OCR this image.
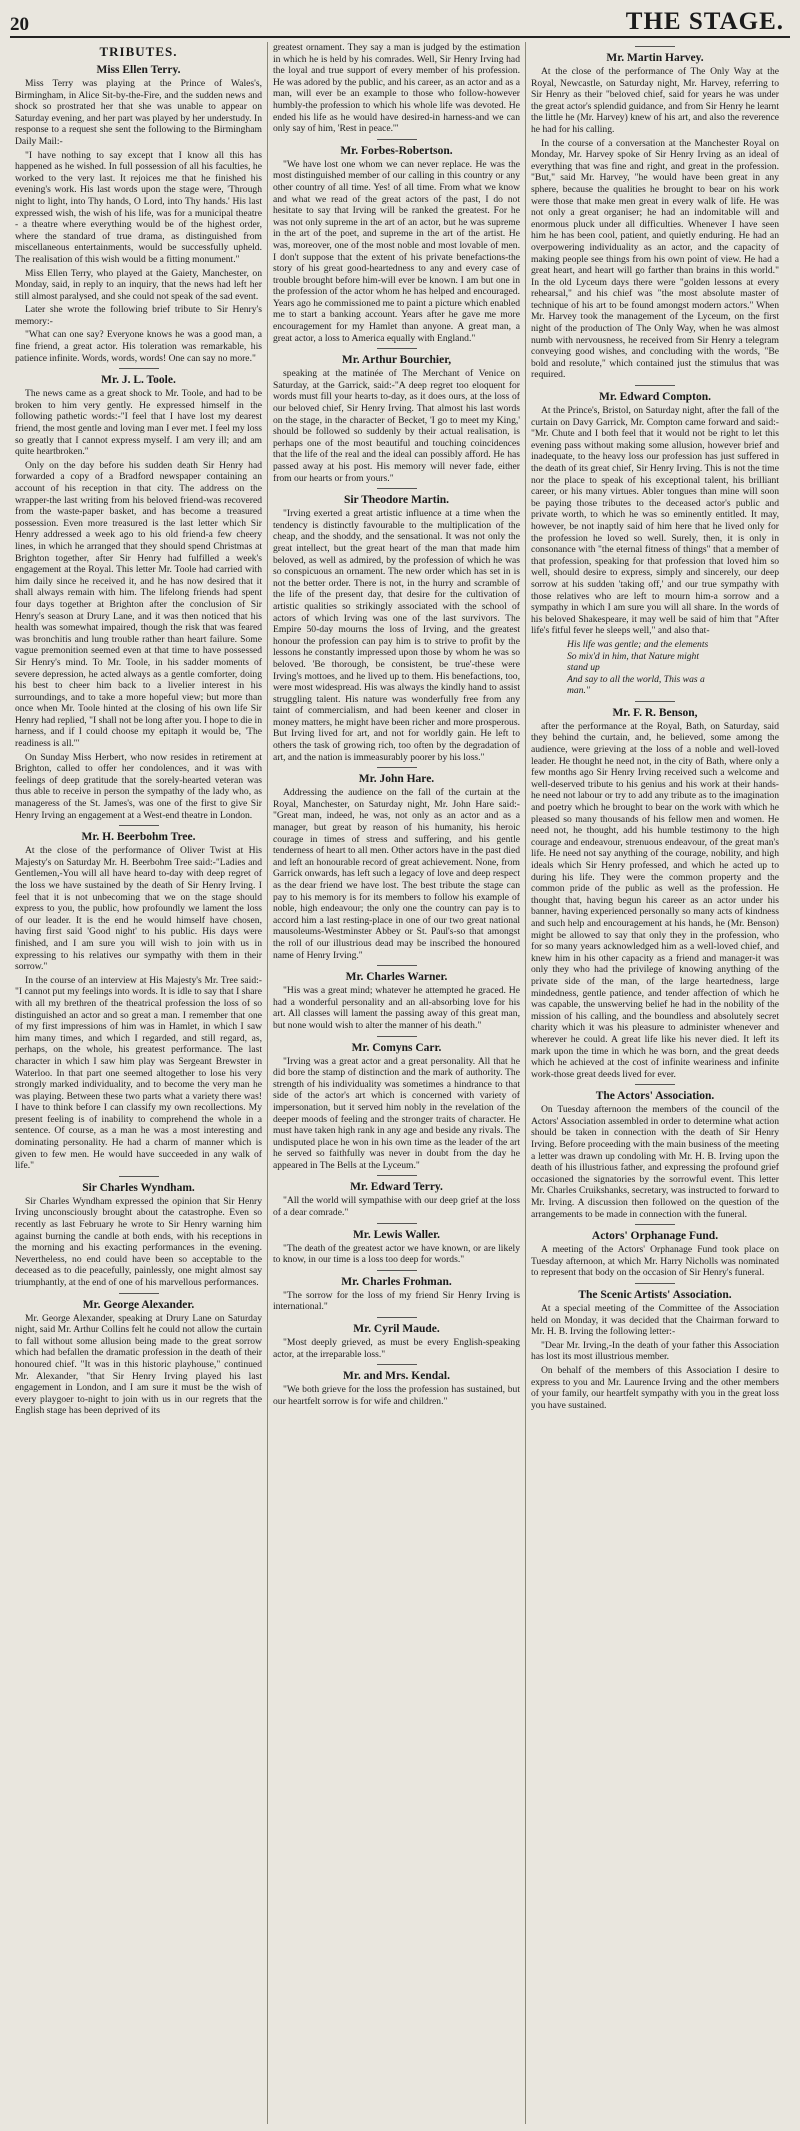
20	THE STAGE.
TRIBUTES.
Miss Ellen Terry.

Miss Terry was playing at the Prince of Wales's, Birmingham, in Alice Sit-by-the-Fire, and the sudden news and shock so prostrated her that she was unable to appear on Saturday evening, and her part was played by her understudy. In response to a request she sent the following to the Birmingham Daily Mail:-

"I have nothing to say except that I know all this has happened as he wished. In full possession of all his faculties, he worked to the very last. It rejoices me that he finished his evening's work. His last words upon the stage were, 'Through night to light, into Thy hands, O Lord, into Thy hands.' His last expressed wish, the wish of his life, was for a municipal theatre - a theatre where everything would be of the highest order, where the standard of true drama, as distinguished from miscellaneous entertainments, would be successfully upheld. The realisation of this wish would be a fitting monument."

Miss Ellen Terry, who played at the Gaiety, Manchester, on Monday, said, in reply to an inquiry, that the news had left her still almost paralysed, and she could not speak of the sad event.

Later she wrote the following brief tribute to Sir Henry's memory:-

"What can one say? Everyone knows he was a good man, a fine friend, a great actor. His toleration was remarkable, his patience infinite. Words, words, words! One can say no more."

Mr. J. L. Toole.

The news came as a great shock to Mr. Toole, and had to be broken to him very gently. He expressed himself in the following pathetic words:-"I feel that I have lost my dearest friend, the most gentle and loving man I ever met. I feel my loss so greatly that I cannot express myself. I am very ill; and am quite heartbroken."

Only on the day before his sudden death Sir Henry had forwarded a copy of a Bradford newspaper containing an account of his reception in that city. The address on the wrapper-the last writing from his beloved friend-was recovered from the waste-paper basket, and has become a treasured possession. Even more treasured is the last letter which Sir Henry addressed a week ago to his old friend-a few cheery lines, in which he arranged that they should spend Christmas at Brighton together, after Sir Henry had fulfilled a week's engagement at the Royal. This letter Mr. Toole had carried with him daily since he received it, and he has now desired that it shall always remain with him. The lifelong friends had spent four days together at Brighton after the conclusion of Sir Henry's season at Drury Lane, and it was then noticed that his health was somewhat impaired, though the risk that was feared was bronchitis and lung trouble rather than heart failure. Some vague premonition seemed even at that time to have possessed Sir Henry's mind. To Mr. Toole, in his sadder moments of severe depression, he acted always as a gentle comforter, doing his best to cheer him back to a livelier interest in his surroundings, and to take a more hopeful view; but more than once when Mr. Toole hinted at the closing of his own life Sir Henry had replied, "I shall not be long after you. I hope to die in harness, and if I could choose my epitaph it would be, 'The readiness is all.'"

On Sunday Miss Herbert, who now resides in retirement at Brighton, called to offer her condolences, and it was with feelings of deep gratitude that the sorely-hearted veteran was thus able to receive in person the sympathy of the lady who, as manageress of the St. James's, was one of the first to give Sir Henry Irving an engagement at a West-end theatre in London.

Mr. H. Beerbohm Tree.

At the close of the performance of Oliver Twist at His Majesty's on Saturday Mr. H. Beerbohm Tree said:-"Ladies and Gentlemen,-You will all have heard to-day with deep regret of the loss we have sustained by the death of Sir Henry Irving. I feel that it is not unbecoming that we on the stage should express to you, the public, how profoundly we lament the loss of our leader. It is the end he would himself have chosen, having first said 'Good night' to his public. His days were finished, and I am sure you will wish to join with us in expressing to his relatives our sympathy with them in their sorrow."

In the course of an interview at His Majesty's Mr. Tree said:-"I cannot put my feelings into words. It is idle to say that I share with all my brethren of the theatrical profession the loss of so distinguished an actor and so great a man. I remember that one of my first impressions of him was in Hamlet, in which I saw him many times, and which I regarded, and still regard, as, perhaps, on the whole, his greatest performance. The last character in which I saw him play was Sergeant Brewster in Waterloo. In that part one seemed altogether to lose his very strongly marked individuality, and to become the very man he was playing. Between these two parts what a variety there was! I have to think before I can classify my own recollections. My present feeling is of inability to comprehend the whole in a sentence. Of course, as a man he was a most interesting and dominating personality. He had a charm of manner which is given to few men. He would have succeeded in any walk of life."

Sir Charles Wyndham.

Sir Charles Wyndham expressed the opinion that Sir Henry Irving unconsciously brought about the catastrophe. Even so recently as last February he wrote to Sir Henry warning him against burning the candle at both ends, with his receptions in the morning and his exacting performances in the evening. Nevertheless, no end could have been so acceptable to the deceased as to die peacefully, painlessly, one might almost say triumphantly, at the end of one of his marvellous performances.

Mr. George Alexander.

Mr. George Alexander, speaking at Drury Lane on Saturday night, said Mr. Arthur Collins felt he could not allow the curtain to fall without some allusion being made to the great sorrow which had befallen the dramatic profession in the death of their honoured chief. "It was in this historic playhouse," continued Mr. Alexander, "that Sir Henry Irving played his last engagement in London, and I am sure it must be the wish of every playgoer to-night to join with us in our regrets that the English stage has been deprived of its

greatest ornament. They say a man is judged by the estimation in which he is held by his comrades. Well, Sir Henry Irving had the loyal and true support of every member of his profession. He was adored by the public, and his career, as an actor and as a man, will ever be an example to those who follow-however humbly-the profession to which his whole life was devoted. He ended his life as he would have desired-in harness-and we can only say of him, 'Rest in peace.'"

Mr. Forbes-Robertson.

"We have lost one whom we can never replace. He was the most distinguished member of our calling in this country or any other country of all time. Yes! of all time. From what we know and what we read of the great actors of the past, I do not hesitate to say that Irving will be ranked the greatest. For he was not only supreme in the art of an actor, but he was supreme in the art of the poet, and supreme in the art of the artist. He was, moreover, one of the most noble and most lovable of men. I don't suppose that the extent of his private benefactions-the story of his great good-heartedness to any and every case of trouble brought before him-will ever be known. I am but one in the profession of the actor whom he has helped and encouraged. Years ago he commissioned me to paint a picture which enabled me to start a banking account. Years after he gave me more encouragement for my Hamlet than anyone. A great man, a great actor, a loss to America equally with England."

Mr. Arthur Bourchier,

speaking at the matinée of The Merchant of Venice on Saturday, at the Garrick, said:-"A deep regret too eloquent for words must fill your hearts to-day, as it does ours, at the loss of our beloved chief, Sir Henry Irving. That almost his last words on the stage, in the character of Becket, 'I go to meet my King,' should be followed so suddenly by their actual realisation, is perhaps one of the most beautiful and touching coincidences that the life of the real and the ideal can possibly afford. He has passed away at his post. His memory will never fade, either from our hearts or from yours."

Sir Theodore Martin.

"Irving exerted a great artistic influence at a time when the tendency is distinctly favourable to the multiplication of the cheap, and the shoddy, and the sensational. It was not only the great intellect, but the great heart of the man that made him beloved, as well as admired, by the profession of which he was so conspicuous an ornament. The new order which has set in is not the better order. There is not, in the hurry and scramble of the life of the present day, that desire for the cultivation of artistic qualities so strikingly associated with the school of actors of which Irving was one of the last survivors. The Empire 50-day mourns the loss of Irving, and the greatest honour the profession can pay him is to strive to profit by the lessons he constantly impressed upon those by whom he was so beloved. 'Be thorough, be consistent, be true'-these were Irving's mottoes, and he lived up to them. His benefactions, too, were most widespread. His was always the kindly hand to assist struggling talent. His nature was wonderfully free from any taint of commercialism, and had been keener and closer in money matters, he might have been richer and more prosperous. But Irving lived for art, and not for worldly gain. He left to others the task of growing rich, too often by the degradation of art, and the nation is immeasurably poorer by his loss."

Mr. John Hare.

Addressing the audience on the fall of the curtain at the Royal, Manchester, on Saturday night, Mr. John Hare said:-"Great man, indeed, he was, not only as an actor and as a manager, but great by reason of his humanity, his heroic courage in times of stress and suffering, and his gentle tenderness of heart to all men. Other actors have in the past died and left an honourable record of great achievement. None, from Garrick onwards, has left such a legacy of love and deep respect as the dear friend we have lost. The best tribute the stage can pay to his memory is for its members to follow his example of noble, high endeavour; the only one the country can pay is to accord him a last resting-place in one of our two great national mausoleums-Westminster Abbey or St. Paul's-so that amongst the roll of our illustrious dead may be inscribed the honoured name of Henry Irving."

Mr. Charles Warner.

"His was a great mind; whatever he attempted he graced. He had a wonderful personality and an all-absorbing love for his art. All classes will lament the passing away of this great man, but none would wish to alter the manner of his death."

Mr. Comyns Carr.

"Irving was a great actor and a great personality. All that he did bore the stamp of distinction and the mark of authority. The strength of his individuality was sometimes a hindrance to that side of the actor's art which is concerned with variety of impersonation, but it served him nobly in the revelation of the deeper moods of feeling and the stronger traits of character. He must have taken high rank in any age and beside any rivals. The undisputed place he won in his own time as the leader of the art he served so faithfully was never in doubt from the day he appeared in The Bells at the Lyceum."

Mr. Edward Terry.

"All the world will sympathise with our deep grief at the loss of a dear comrade."

Mr. Lewis Waller.

"The death of the greatest actor we have known, or are likely to know, in our time is a loss too deep for words."

Mr. Charles Frohman.

"The sorrow for the loss of my friend Sir Henry Irving is international."

Mr. Cyril Maude.

"Most deeply grieved, as must be every English-speaking actor, at the irreparable loss."

Mr. and Mrs. Kendal.

"We both grieve for the loss the profession has sustained, but our heartfelt sorrow is for wife and children."

Mr. Martin Harvey.

At the close of the performance of The Only Way at the Royal, Newcastle, on Saturday night, Mr. Harvey, referring to Sir Henry as their "beloved chief, said for years he was under the great actor's splendid guidance, and from Sir Henry he learnt the little he (Mr. Harvey) knew of his art, and also the reverence he had for his calling.

In the course of a conversation at the Manchester Royal on Monday, Mr. Harvey spoke of Sir Henry Irving as an ideal of everything that was fine and right, and great in the profession. "But," said Mr. Harvey, "he would have been great in any sphere, because the qualities he brought to bear on his work were those that make men great in every walk of life. He was not only a great organiser; he had an indomitable will and enormous pluck under all difficulties. Whenever I have seen him he has been cool, patient, and quietly enduring. He had an overpowering individuality as an actor, and the capacity of making people see things from his own point of view. He had a great heart, and heart will go farther than brains in this world." In the old Lyceum days there were "golden lessons at every rehearsal," and his chief was "the most absolute master of technique of his art to be found amongst modern actors." When Mr. Harvey took the management of the Lyceum, on the first night of the production of The Only Way, when he was almost numb with nervousness, he received from Sir Henry a telegram conveying good wishes, and concluding with the words, "Be bold and resolute," which contained just the stimulus that was required.

Mr. Edward Compton.

At the Prince's, Bristol, on Saturday night, after the fall of the curtain on Davy Garrick, Mr. Compton came forward and said:-"Mr. Chute and I both feel that it would not be right to let this evening pass without making some allusion, however brief and inadequate, to the heavy loss our profession has just suffered in the death of its great chief, Sir Henry Irving. This is not the time nor the place to speak of his exceptional talent, his brilliant career, or his many virtues. Abler tongues than mine will soon be paying those tributes to the deceased actor's public and private worth, to which he was so eminently entitled. It may, however, be not inaptly said of him here that he lived only for the profession he loved so well. Surely, then, it is only in consonance with "the eternal fitness of things" that a member of that profession, speaking for that profession that loved him so well, should desire to express, simply and sincerely, our deep sorrow at his sudden 'taking off,' and our true sympathy with those relatives who are left to mourn him-a sorrow and a sympathy in which I am sure you will all share. In the words of his beloved Shakespeare, it may well be said of him that "After life's fitful fever he sleeps well," and also that-

His life was gentle; and the elements
So mix'd in him, that Nature might
stand up
And say to all the world, This was a
man."
Mr. F. R. Benson,

after the performance at the Royal, Bath, on Saturday, said they behind the curtain, and, he believed, some among the audience, were grieving at the loss of a noble and well-loved leader. He thought he need not, in the city of Bath, where only a few months ago Sir Henry Irving received such a welcome and well-deserved tribute to his genius and his work at their hands-he need not labour or try to add any tribute as to the imagination and poetry which he brought to bear on the work with which he pleased so many thousands of his fellow men and women. He need not, he thought, add his humble testimony to the high courage and endeavour, strenuous endeavour, of the great man's life. He need not say anything of the courage, nobility, and high ideals which Sir Henry professed, and which he acted up to during his life. They were the common property and the common pride of the public as well as the profession. He thought that, having begun his career as an actor under his banner, having experienced personally so many acts of kindness and such help and encouragement at his hands, he (Mr. Benson) might be allowed to say that only they in the profession, who for so many years acknowledged him as a well-loved chief, and knew him in his other capacity as a friend and manager-it was only they who had the privilege of knowing anything of the private side of the man, of the large heartedness, large mindedness, gentle patience, and tender affection of which he was capable, the unswerving belief he had in the nobility of the mission of his calling, and the boundless and absolutely secret charity which it was his pleasure to administer whenever and wherever he could. A great life like his never died. It left its mark upon the time in which he was born, and the great deeds which he achieved at the cost of infinite weariness and infinite work-those great deeds lived for ever.

The Actors' Association.

On Tuesday afternoon the members of the council of the Actors' Association assembled in order to determine what action should be taken in connection with the death of Sir Henry Irving. Before proceeding with the main business of the meeting a letter was drawn up condoling with Mr. H. B. Irving upon the death of his illustrious father, and expressing the profound grief occasioned the signatories by the sorrowful event. This letter Mr. Charles Cruikshanks, secretary, was instructed to forward to Mr. Irving. A discussion then followed on the question of the arrangements to be made in connection with the funeral.

Actors' Orphanage Fund.

A meeting of the Actors' Orphanage Fund took place on Tuesday afternoon, at which Mr. Harry Nicholls was nominated to represent that body on the occasion of Sir Henry's funeral.

The Scenic Artists' Association.

At a special meeting of the Committee of the Association held on Monday, it was decided that the Chairman forward to Mr. H. B. Irving the following letter:-

"Dear Mr. Irving,-In the death of your father this Association has lost its most illustrious member.

On behalf of the members of this Association I desire to express to you and Mr. Laurence Irving and the other members of your family, our heartfelt sympathy with you in the great loss you have sustained.
